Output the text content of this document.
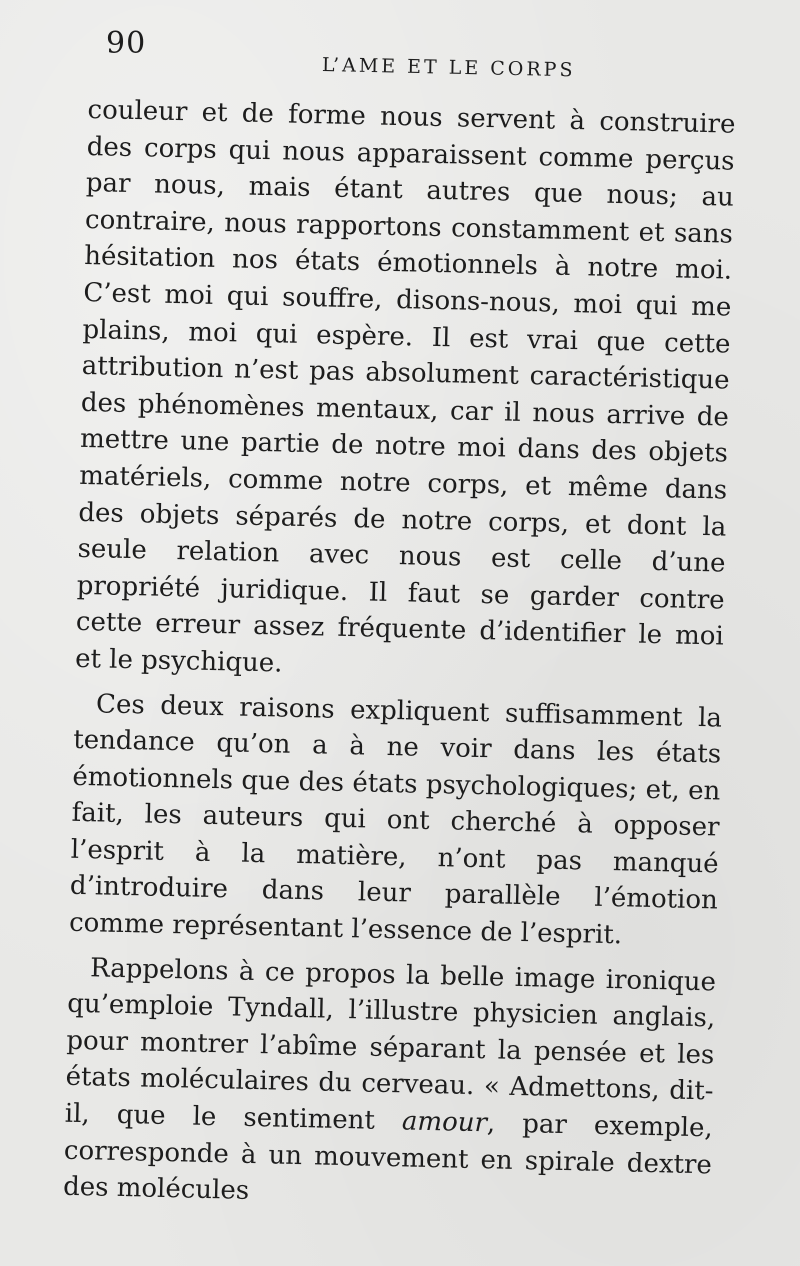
90
L’AME ET LE CORPS

couleur et de forme nous servent à construire des corps qui nous apparaissent comme perçus par nous, mais étant autres que nous; au contraire, nous rapportons constamment et sans hésitation nos états émotionnels à notre moi. C’est moi qui souffre, disons-nous, moi qui me plains, moi qui espère. Il est vrai que cette attribution n’est pas absolument caractéristique des phénomènes mentaux, car il nous arrive de mettre une partie de notre moi dans des objets matériels, comme notre corps, et même dans des objets séparés de notre corps, et dont la seule relation avec nous est celle d’une propriété juridique. Il faut se garder contre cette erreur assez fréquente d’identifier le moi et le psychique.

Ces deux raisons expliquent suffisamment la tendance qu’on a à ne voir dans les états émotionnels que des états psychologiques; et, en fait, les auteurs qui ont cherché à opposer l’esprit à la matière, n’ont pas manqué d’introduire dans leur parallèle l’émotion comme représentant l’essence de l’esprit.

Rappelons à ce propos la belle image ironique qu’emploie Tyndall, l’illustre physicien anglais, pour montrer l’abîme séparant la pensée et les états moléculaires du cerveau. « Admettons, dit-il, que le sentiment amour, par exemple, corresponde à un mouvement en spirale dextre des molécules
